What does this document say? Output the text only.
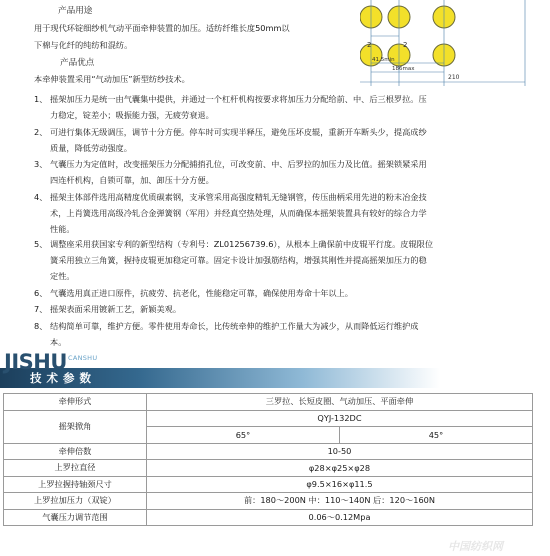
产品用途
用于现代环锭细纱机气动平面牵伸装置的加压。适纺纤维长度50mm以
下棉与化纤的纯纺和混纺。
产品优点
本牵伸装置采用“气动加压”新型纺纱技术。
1、 摇架加压力是统一由气囊集中提供，并通过一个杠杆机构按要求将加压力分配给前、中、后三根罗拉。压
力稳定，锭差小；吸振能力强，无疲劳衰退。
2、 可进行集体无级调压，调节十分方便。停车时可实现半释压，避免压坏皮辊，重新开车断头少，提高成纱
质量，降低劳动强度。
3、 气囊压力为定值时，改变摇架压力分配捕捎孔位，可改变前、中、后罗拉的加压力及比值。摇架锁紧采用
四连杆机构，自锁可靠，加、卸压十分方便。
4、 摇架主体部件选用高精度优质碳素钢，支承管采用高强度精轧无缝钢管，传压曲柄采用先进的粉末冶金技
术，上肖簧选用高级冷轧合金弹簧钢（军用）并经真空热处理，从而确保本摇架装置具有较好的综合力学
性能。
5、 调整座采用获国家专利的新型结构（专利号：ZL01256739.6），从根本上确保前中皮辊平行度。皮辊限位
簧采用独立三角簧，握持皮辊更加稳定可靠。固定卡设计加强筋结构，增强其刚性并提高摇架加压力的稳
定性。
6、 气囊选用真正进口原件，抗疲劳、抗老化，性能稳定可靠，确保使用寿命十年以上。
7、 摇架表面采用镀新工艺，新颖美观。
8、 结构简单可靠，维护方便。零件使用寿命长，比传统牵伸的维护工作量大为减少，从而降低运行维护成
本。
2	2
41.5min
186max
210
JISHU CANSHU
技术参数
牵伸形式	三罗拉、长短皮圈、气动加压、平面牵伸	
摇架掀角	QYJ-132DC	
	65°	45°
牵伸倍数	10-50	
上罗拉直径	φ28×φ25×φ28	
上罗拉握持轴颈尺寸	φ9.5×16×φ11.5	
上罗拉加压力（双锭）	前：180～200N 中：110～140N 后：120～160N	
气囊压力调节范围	0.06～0.12Mpa	
中国纺织网
